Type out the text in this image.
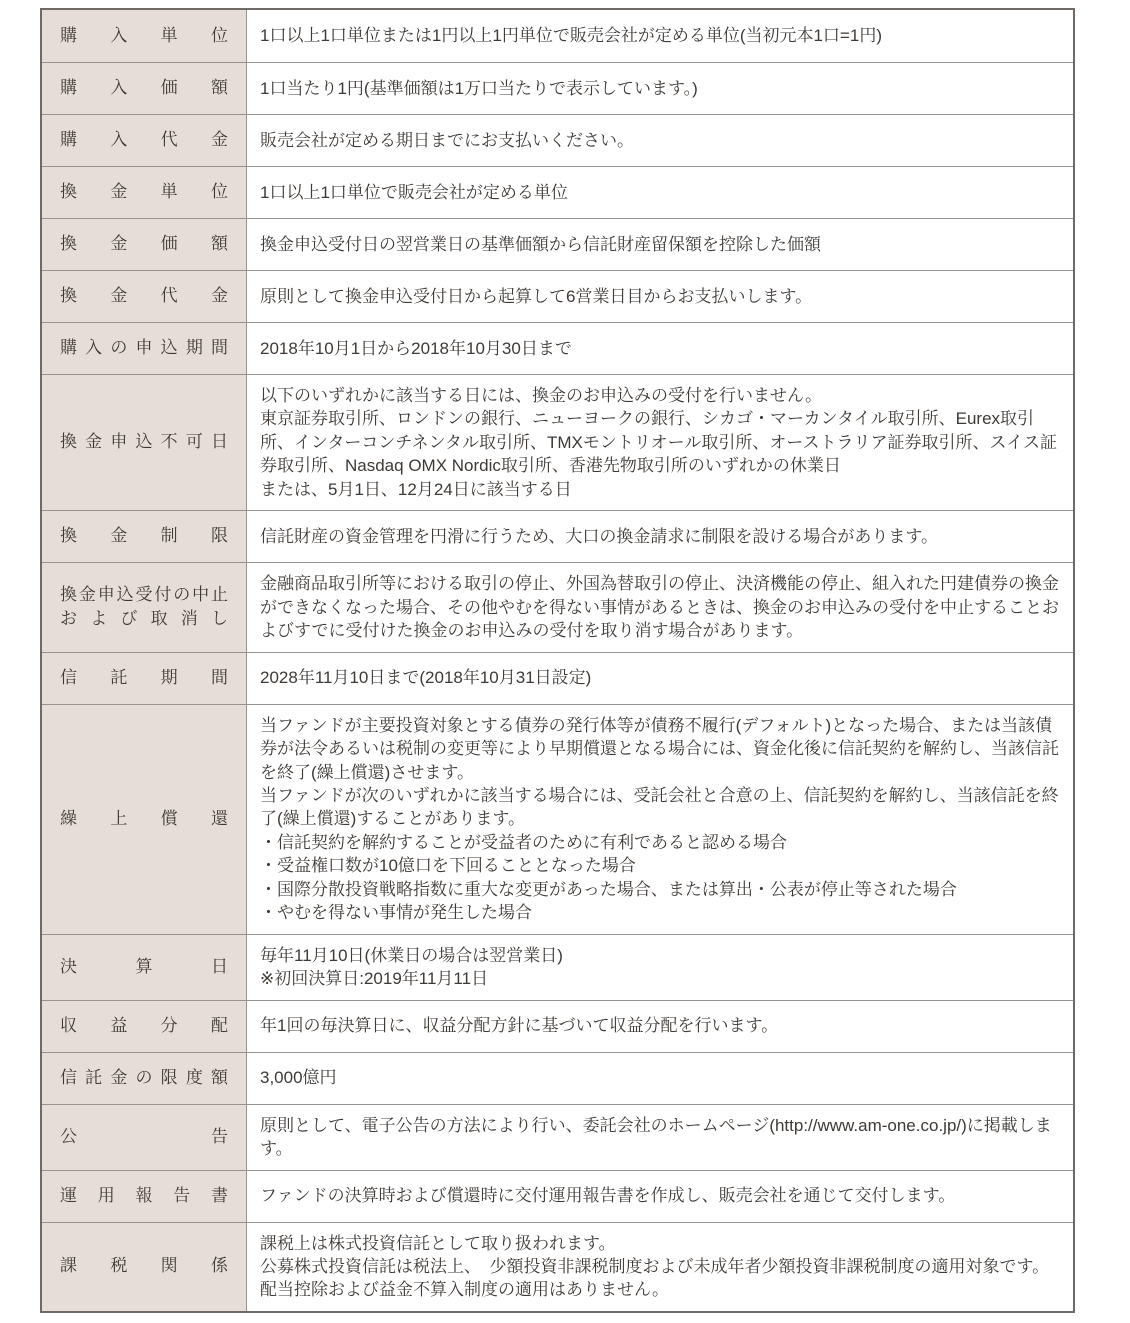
購入単位 1口以上1口単位または1円以上1円単位で販売会社が定める単位(当初元本1口=1円)
購入価額 1口当たり1円(基準価額は1万口当たりで表示しています。)
購入代金 販売会社が定める期日までにお支払いください。
換金単位 1口以上1口単位で販売会社が定める単位
換金価額 換金申込受付日の翌営業日の基準価額から信託財産留保額を控除した価額
換金代金 原則として換金申込受付日から起算して6営業日目からお支払いします。
購入の申込期間 2018年10月1日から2018年10月30日まで
換金申込不可日
以下のいずれかに該当する日には、換金のお申込みの受付を行いません。
東京証券取引所、ロンドンの銀行、ニューヨークの銀行、シカゴ・マーカンタイル取引所、Eurex取引所、インターコンチネンタル取引所、TMXモントリオール取引所、オーストラリア証券取引所、スイス証券取引所、Nasdaq OMX Nordic取引所、香港先物取引所のいずれかの休業日
または、5月1日、12月24日に該当する日
換金制限 信託財産の資金管理を円滑に行うため、大口の換金請求に制限を設ける場合があります。
換金申込受付の中止および取消し
金融商品取引所等における取引の停止、外国為替取引の停止、決済機能の停止、組入れた円建債券の換金ができなくなった場合、その他やむを得ない事情があるときは、換金のお申込みの受付を中止することおよびすでに受付けた換金のお申込みの受付を取り消す場合があります。
信託期間 2028年11月10日まで(2018年10月31日設定)
繰上償還
当ファンドが主要投資対象とする債券の発行体等が債務不履行(デフォルト)となった場合、または当該債券が法令あるいは税制の変更等により早期償還となる場合には、資金化後に信託契約を解約し、当該信託を終了(繰上償還)させます。
当ファンドが次のいずれかに該当する場合には、受託会社と合意の上、信託契約を解約し、当該信託を終了(繰上償還)することがあります。
・信託契約を解約することが受益者のために有利であると認める場合
・受益権口数が10億口を下回ることとなった場合
・国際分散投資戦略指数に重大な変更があった場合、または算出・公表が停止等された場合
・やむを得ない事情が発生した場合
決算日
毎年11月10日(休業日の場合は翌営業日)
※初回決算日:2019年11月11日
収益分配 年1回の毎決算日に、収益分配方針に基づいて収益分配を行います。
信託金の限度額 3,000億円
公告
原則として、電子公告の方法により行い、委託会社のホームページ(http://www.am-one.co.jp/)に掲載します。
運用報告書 ファンドの決算時および償還時に交付運用報告書を作成し、販売会社を通じて交付します。
課税関係
課税上は株式投資信託として取り扱われます。
公募株式投資信託は税法上、　少額投資非課税制度および未成年者少額投資非課税制度の適用対象です。
配当控除および益金不算入制度の適用はありません。
